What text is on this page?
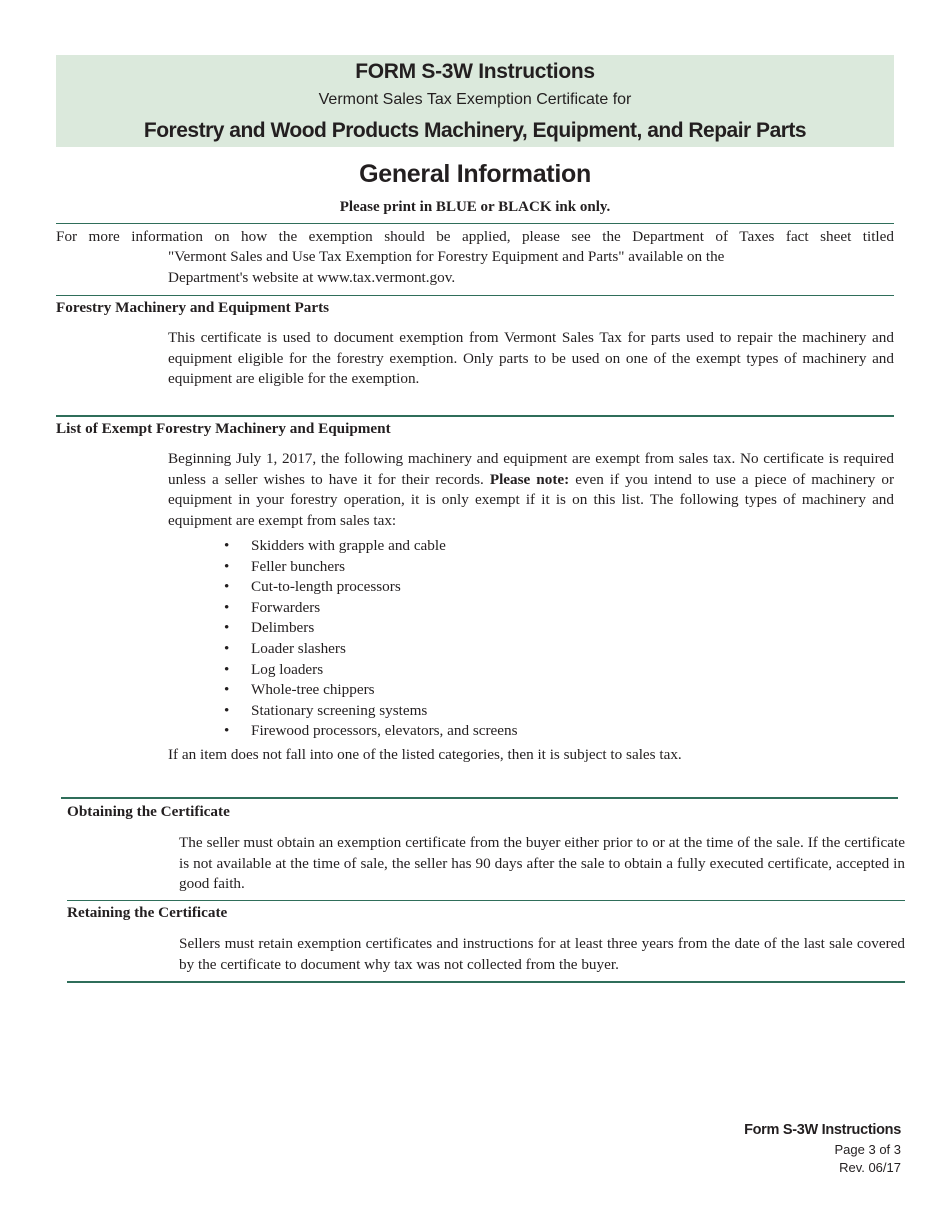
FORM S-3W Instructions
Vermont Sales Tax Exemption Certificate for
Forestry and Wood Products Machinery, Equipment, and Repair Parts
General Information
Please print in BLUE or BLACK ink only.
For more information on how the exemption should be applied, please see the Department of Taxes fact sheet titled
"Vermont Sales and Use Tax Exemption for Forestry Equipment and Parts" available on the
Department's website at www.tax.vermont.gov.
Forestry Machinery and Equipment Parts
This certificate is used to document exemption from Vermont Sales Tax for parts used to repair the machinery and equipment eligible for the forestry exemption. Only parts to be used on one of the exempt types of machinery and equipment are eligible for the exemption.
List of Exempt Forestry Machinery and Equipment
Beginning July 1, 2017, the following machinery and equipment are exempt from sales tax. No certificate is required unless a seller wishes to have it for their records. Please note: even if you intend to use a piece of machinery or equipment in your forestry operation, it is only exempt if it is on this list. The following types of machinery and equipment are exempt from sales tax:
• Skidders with grapple and cable
• Feller bunchers
• Cut-to-length processors
• Forwarders
• Delimbers
• Loader slashers
• Log loaders
• Whole-tree chippers
• Stationary screening systems
• Firewood processors, elevators, and screens
If an item does not fall into one of the listed categories, then it is subject to sales tax.
Obtaining the Certificate
The seller must obtain an exemption certificate from the buyer either prior to or at the time of the sale. If the certificate is not available at the time of sale, the seller has 90 days after the sale to obtain a fully executed certificate, accepted in good faith.
Retaining the Certificate
Sellers must retain exemption certificates and instructions for at least three years from the date of the last sale covered by the certificate to document why tax was not collected from the buyer.
Form S-3W Instructions
Page 3 of 3
Rev. 06/17
